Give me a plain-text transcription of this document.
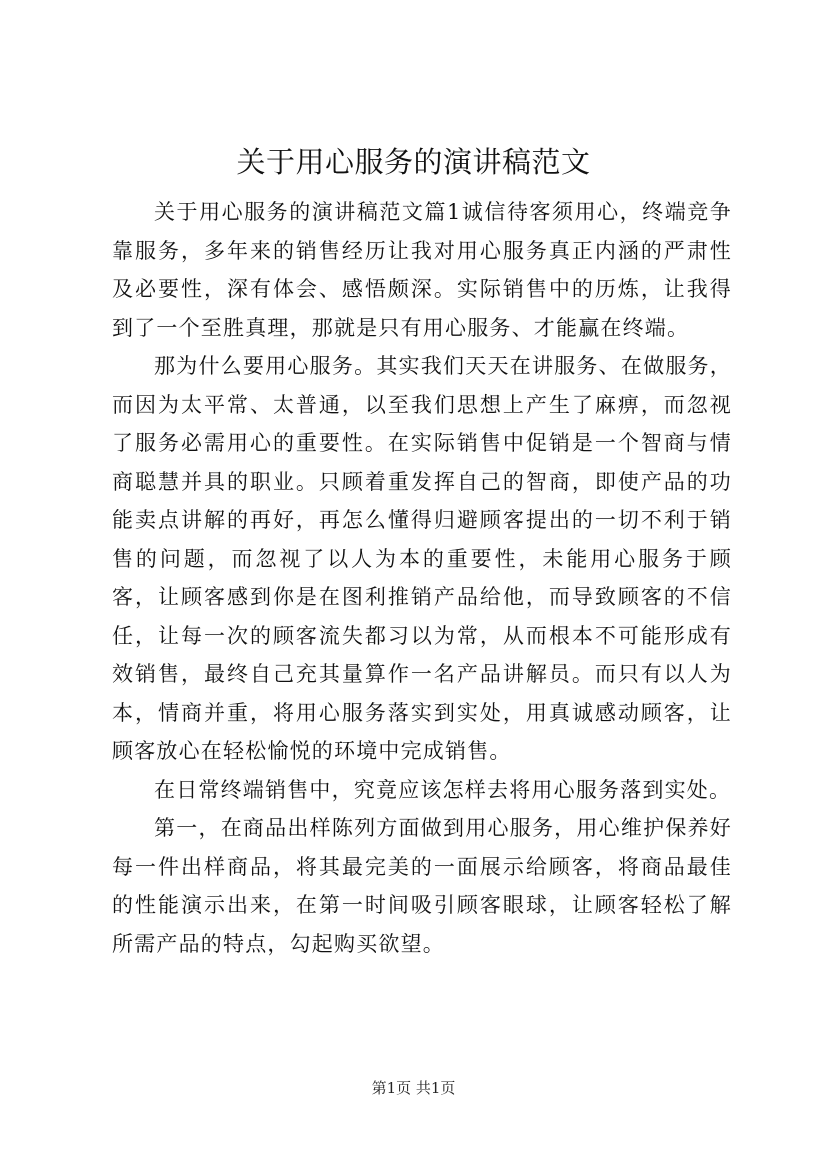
关于用心服务的演讲稿范文

关于用心服务的演讲稿范文篇1诚信待客须用心，终端竞争靠服务，多年来的销售经历让我对用心服务真正内涵的严肃性及必要性，深有体会、感悟颇深。实际销售中的历炼，让我得到了一个至胜真理，那就是只有用心服务、才能赢在终端。

那为什么要用心服务。其实我们天天在讲服务、在做服务，而因为太平常、太普通，以至我们思想上产生了麻痹，而忽视了服务必需用心的重要性。在实际销售中促销是一个智商与情商聪慧并具的职业。只顾着重发挥自己的智商，即使产品的功能卖点讲解的再好，再怎么懂得归避顾客提出的一切不利于销售的问题，而忽视了以人为本的重要性，未能用心服务于顾客，让顾客感到你是在图利推销产品给他，而导致顾客的不信任，让每一次的顾客流失都习以为常，从而根本不可能形成有效销售，最终自己充其量算作一名产品讲解员。而只有以人为本，情商并重，将用心服务落实到实处，用真诚感动顾客，让顾客放心在轻松愉悦的环境中完成销售。

在日常终端销售中，究竟应该怎样去将用心服务落到实处。

第一，在商品出样陈列方面做到用心服务，用心维护保养好每一件出样商品，将其最完美的一面展示给顾客，将商品最佳的性能演示出来，在第一时间吸引顾客眼球，让顾客轻松了解所需产品的特点，勾起购买欲望。

第1页 共1页
